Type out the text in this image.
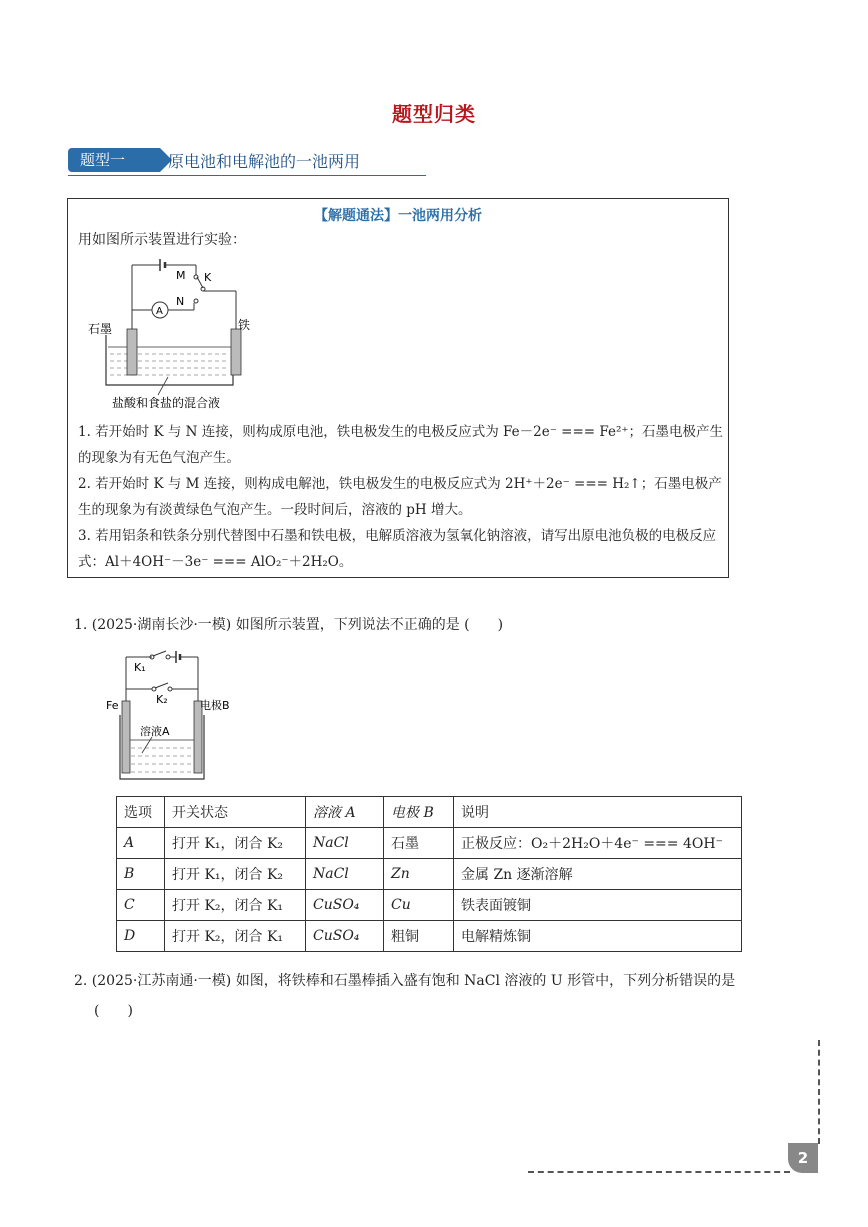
题型归类
题型一	原电池和电解池的一池两用
【解题通法】一池两用分析
用如图所示装置进行实验：
M K
N
A
石墨	铁
盐酸和食盐的混合液
1. 若开始时 K 与 N 连接，则构成原电池，铁电极发生的电极反应式为 Fe－2e⁻ === Fe²⁺；石墨电极产生的现象为有无色气泡产生。
2. 若开始时 K 与 M 连接，则构成电解池，铁电极发生的电极反应式为 2H⁺＋2e⁻ === H₂↑；石墨电极产生的现象为有淡黄绿色气泡产生。一段时间后，溶液的 pH 增大。
3. 若用铝条和铁条分别代替图中石墨和铁电极，电解质溶液为氢氧化钠溶液，请写出原电池负极的电极反应式：Al＋4OH⁻－3e⁻ === AlO₂⁻＋2H₂O。
1. (2025·湖南长沙·一模) 如图所示装置，下列说法不正确的是 (　　)
K₁
K₂
Fe	电极B
溶液A
选项	开关状态	溶液 A	电极 B	说明
A	打开 K₁，闭合 K₂	NaCl	石墨	正极反应：O₂＋2H₂O＋4e⁻ === 4OH⁻
B	打开 K₁，闭合 K₂	NaCl	Zn	金属 Zn 逐渐溶解
C	打开 K₂，闭合 K₁	CuSO₄	Cu	铁表面镀铜
D	打开 K₂，闭合 K₁	CuSO₄	粗铜	电解精炼铜
2. (2025·江苏南通·一模) 如图，将铁棒和石墨棒插入盛有饱和 NaCl 溶液的 U 形管中，下列分析错误的是
(　　)
2
